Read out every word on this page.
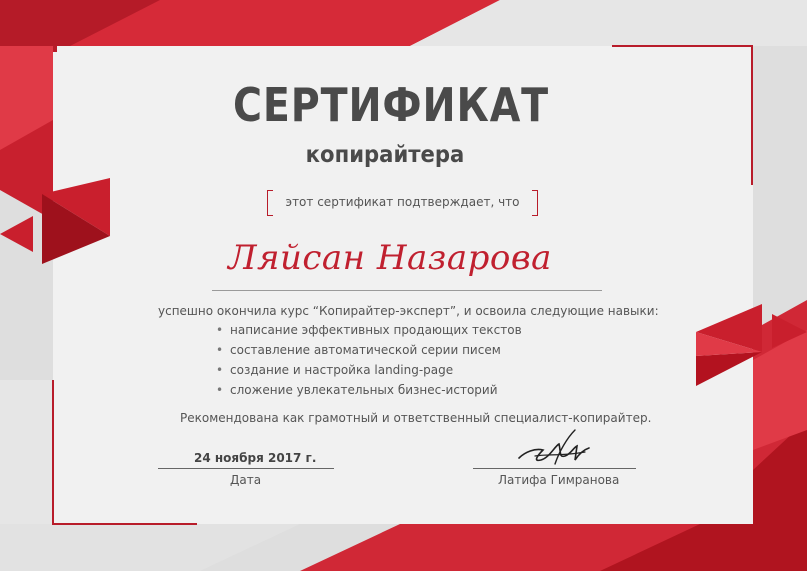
СЕРТИФИКАТ
копирайтера
этот сертификат подтверждает, что
Ляйсан Назарова
успешно окончила курс “Копирайтер-эксперт”, и освоила следующие навыки:
• написание эффективных продающих текстов
• составление автоматической серии писем
• создание и настройка landing-page
• сложение увлекательных бизнес-историй
Рекомендована как грамотный и ответственный специалист-копирайтер.
24 ноября 2017 г.
Дата	Латифа Гимранова
